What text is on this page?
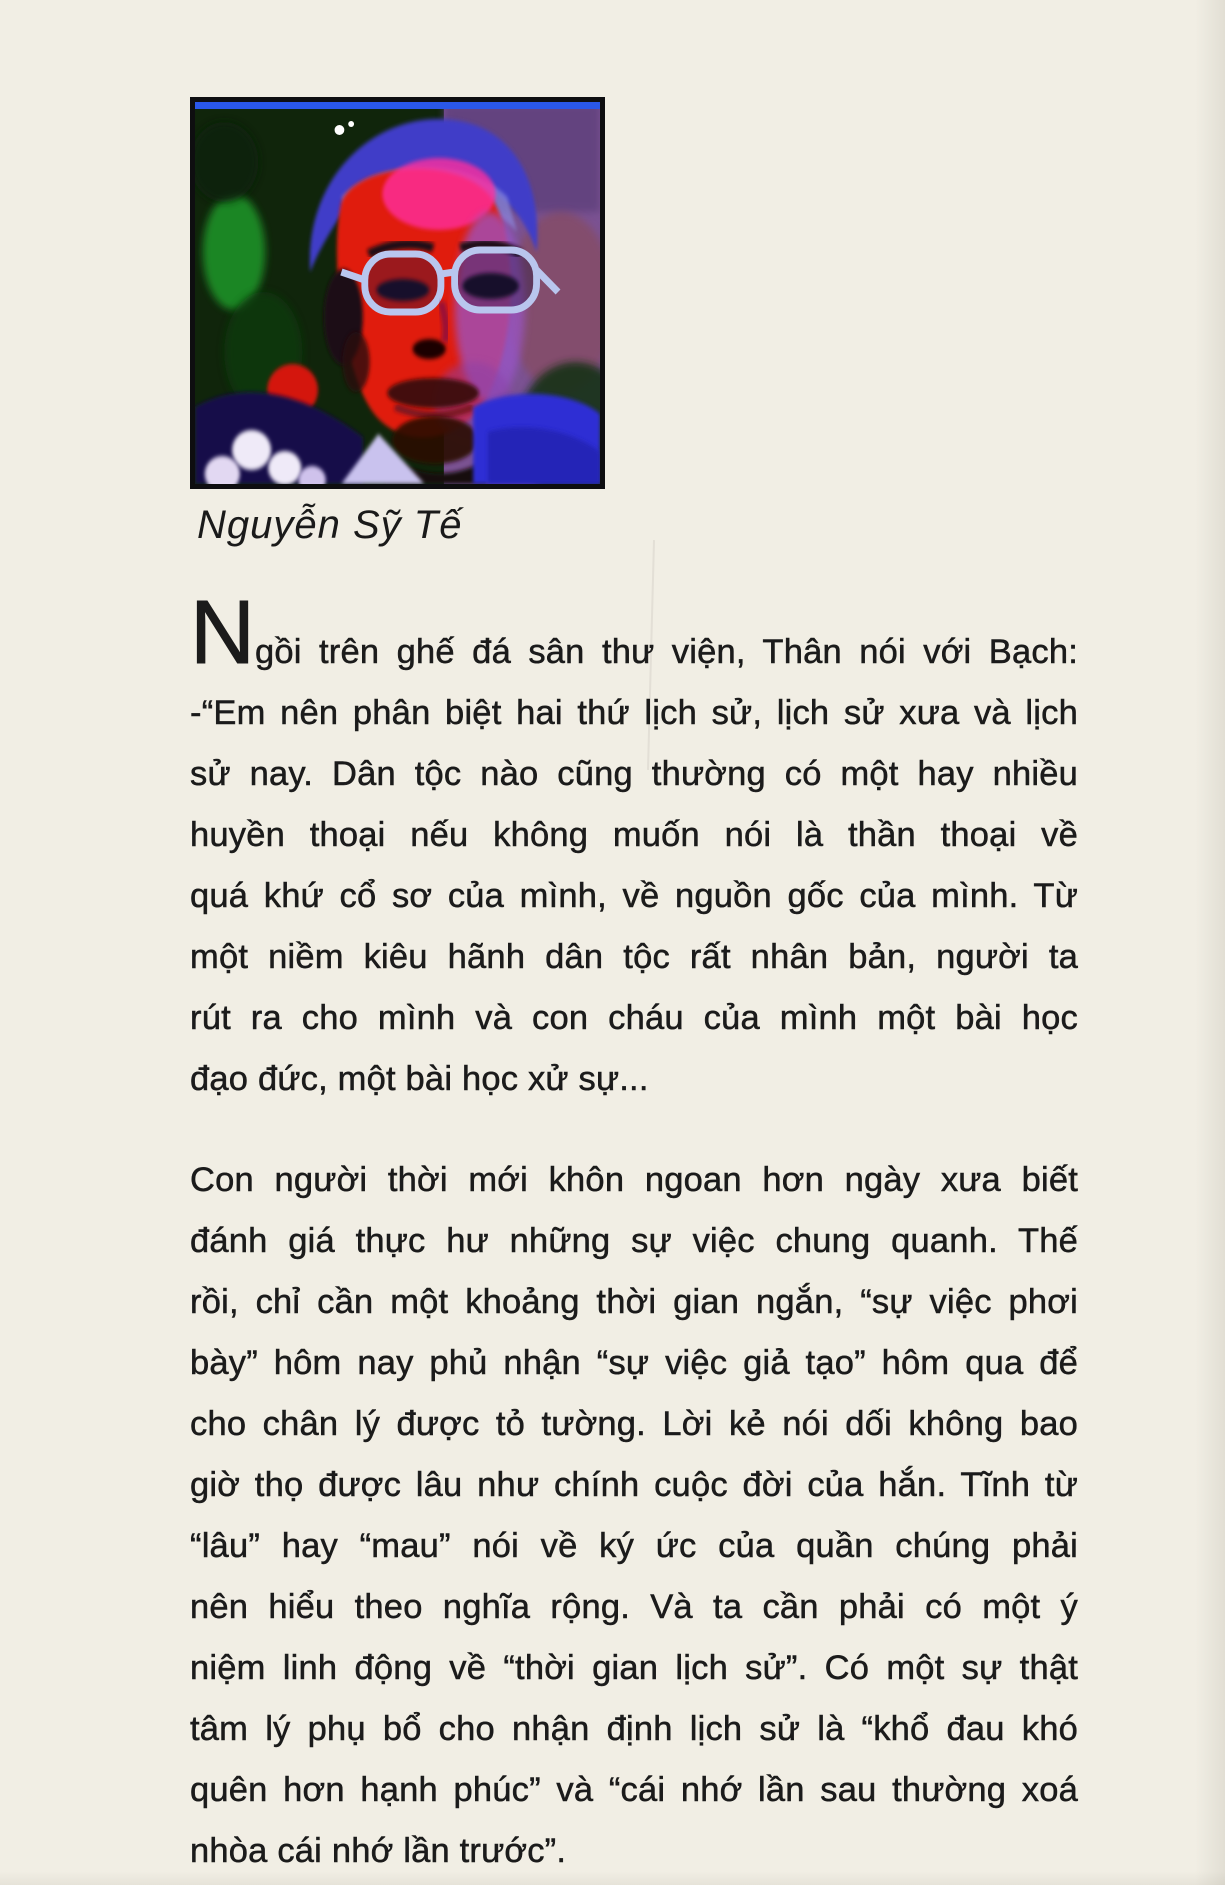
Nguyễn Sỹ Tế
Ngồi trên ghế đá sân thư viện, Thân nói với Bạch:
-“Em nên phân biệt hai thứ lịch sử, lịch sử xưa và lịch
sử nay. Dân tộc nào cũng thường có một hay nhiều
huyền thoại nếu không muốn nói là thần thoại về
quá khứ cổ sơ của mình, về nguồn gốc của mình. Từ
một niềm kiêu hãnh dân tộc rất nhân bản, người ta
rút ra cho mình và con cháu của mình một bài học
đạo đức, một bài học xử sự...
Con người thời mới khôn ngoan hơn ngày xưa biết
đánh giá thực hư những sự việc chung quanh. Thế
rồi, chỉ cần một khoảng thời gian ngắn, “sự việc phơi
bày” hôm nay phủ nhận “sự việc giả tạo” hôm qua để
cho chân lý được tỏ tường. Lời kẻ nói dối không bao
giờ thọ được lâu như chính cuộc đời của hắn. Tĩnh từ
“lâu” hay “mau” nói về ký ức của quần chúng phải
nên hiểu theo nghĩa rộng. Và ta cần phải có một ý
niệm linh động về “thời gian lịch sử”. Có một sự thật
tâm lý phụ bổ cho nhận định lịch sử là “khổ đau khó
quên hơn hạnh phúc” và “cái nhớ lần sau thường xoá
nhòa cái nhớ lần trước”.
